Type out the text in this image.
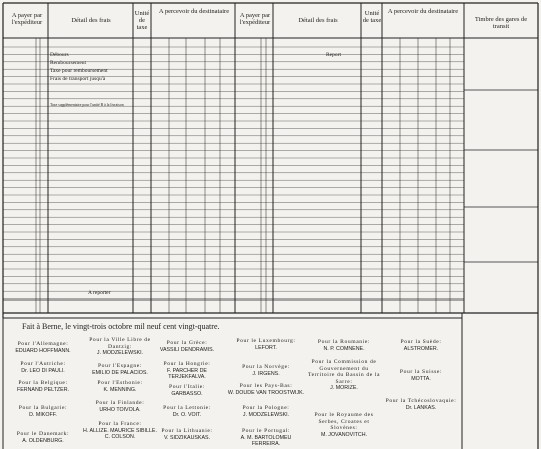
A payer par l'expéditeur	Détail des frais
Unité de taxe
A percevoir du destinataire
A payer par l'expéditeur	Détail des frais
Unité de taxe
A percevoir du destinataire
Timbre des gares de transit
Débours
Remboursement
Taxe pour remboursement
Frais de transport jusqu'à
Taxe supplémentaire pour l'unité B à la livraison
Report
A reporter
Fait à Berne, le vingt-trois octobre mil neuf cent vingt-quatre.
Pour l'Allemagne:
EDUARD HOFFMANN.
Pour l'Autriche:
Dr. LEO DI PAULI.
Pour la Belgique:
FERNAND PELTZER.
Pour la Bulgarie:
D. MIKOFF.
Pour le Danemark:
A. OLDENBURG.
Pour la Ville Libre de Dantzig:
J. MODZELEWSKI.
Pour l'Espagne:
EMILIO DE PALACIOS.
Pour l'Esthonie:
K. MENNING.
Pour la Finlande:
URHO TOIVOLA.
Pour la France:
H. ALLIZE. MAURICE SIBILLE. C. COLSON.
Pour la Grèce:
VASSILI DENDRAMIS.
Pour la Hongrie:
F. PARCHER DE TERJEKFALVA.
Pour l'Italie:
GARBASSO.
Pour la Lettonie:
Dr. O. VOIT.
Pour la Lithuanie:
V. SIDZIKAUSKAS.
Pour le Luxembourg:
LEFORT.
Pour la Norvège:
J. IRGENS.
Pour les Pays-Bas:
W. DOUDE VAN TROOSTWIJK.
Pour la Pologne:
J. MODZELEWSKI.
Pour le Portugal:
A. M. BARTOLOMEU FERREIRA.
Pour la Roumanie:
N. P. COMNENE.
Pour la Commission de Gouvernement du Territoire du Bassin de la Sarre:
J. MORIZE.
Pour le Royaume des Serbes, Croates et Slovènes:
M. JOVANOVITCH.
Pour la Suède:
ALSTROMER.
Pour la Suisse:
MOTTA.
Pour la Tchécoslovaquie:
Dr. LANKAS.
